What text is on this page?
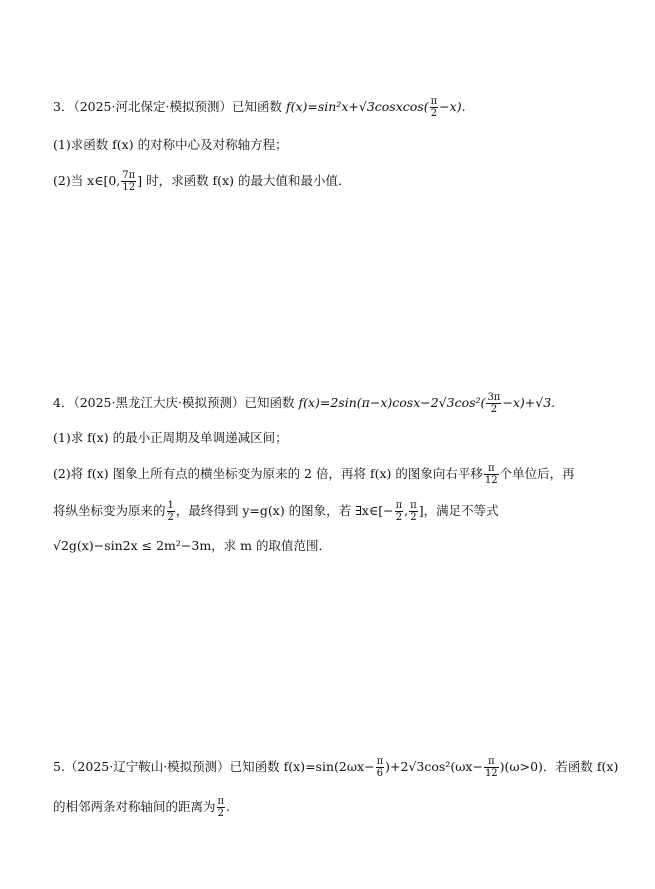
3．（2025·河北保定·模拟预测）已知函数 f(x)=sin²x+√3cosxcos( $\frac{\pi}{2} -x$).
(1)求函数 f(x) 的对称中心及对称轴方程；
(2)当 x∈[0, $\frac{7\pi}{12}$ ] 时，求函数 f(x) 的最大值和最小值．
4．（2025·黑龙江大庆·模拟预测）已知函数 $f(x)=2\sin(\pi-x)\cos x-2√3\cos^2( \frac{3\pi}{2} -x)+√3$.
(1)求 f(x) 的最小正周期及单调递减区间；
(2)将 f(x) 图象上所有点的横坐标变为原来的 2 倍，再将 f(x) 的图象向右平移 $\frac{\pi}{12}$ 个单位后，再
将纵坐标变为原来的 $\frac{1}{2}$ ，最终得到 y=g(x) 的图象，若 ∃x∈[− $\frac{\pi}{2}$ , $\frac{\pi}{2}$ ]，满足不等式
√2g(x)−sin2x ≤ 2m²−3m，求 m 的取值范围．
5.（2025·辽宁鞍山·模拟预测）已知函数 $f(x)=\sin(2\omega x- \frac{\pi}{6} )+2√3\cos^2(\omega x- \frac{\pi}{12} )(\omega>0)$．若函数 f(x)
的相邻两条对称轴间的距离为 $\frac{\pi}{2}$ .
